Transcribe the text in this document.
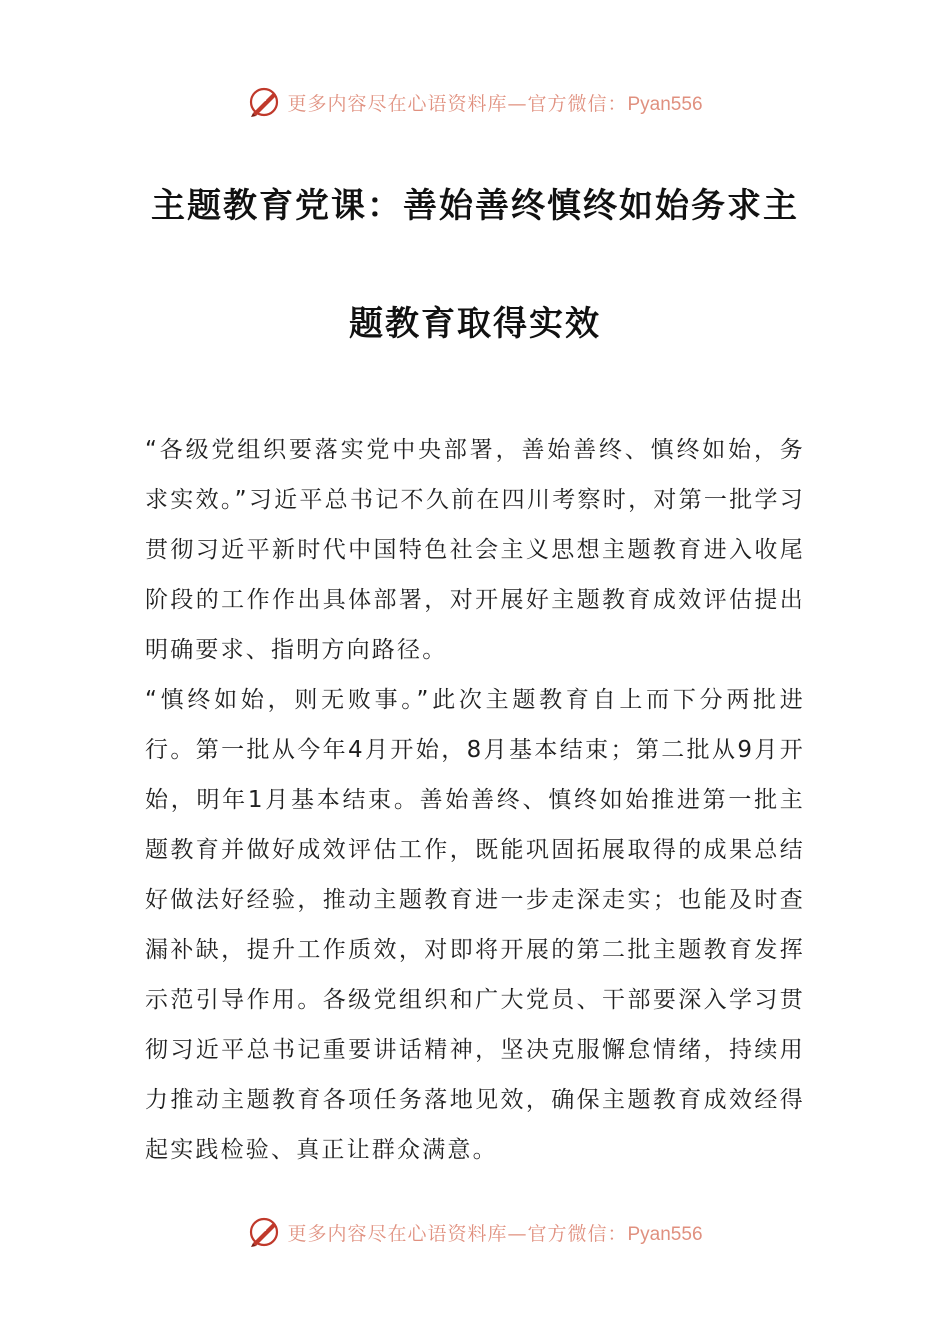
更多内容尽在心语资料库—官方微信：Pyan556
主题教育党课：善始善终慎终如始务求主
题教育取得实效

“各级党组织要落实党中央部署，善始善终、慎终如始，务求实效。”习近平总书记不久前在四川考察时，对第一批学习贯彻习近平新时代中国特色社会主义思想主题教育进入收尾阶段的工作作出具体部署，对开展好主题教育成效评估提出明确要求、指明方向路径。

“慎终如始，则无败事。”此次主题教育自上而下分两批进行。第一批从今年4月开始，8月基本结束；第二批从9月开始，明年1月基本结束。善始善终、慎终如始推进第一批主题教育并做好成效评估工作，既能巩固拓展取得的成果总结好做法好经验，推动主题教育进一步走深走实；也能及时查漏补缺，提升工作质效，对即将开展的第二批主题教育发挥示范引导作用。各级党组织和广大党员、干部要深入学习贯彻习近平总书记重要讲话精神，坚决克服懈怠情绪，持续用力推动主题教育各项任务落地见效，确保主题教育成效经得起实践检验、真正让群众满意。

更多内容尽在心语资料库—官方微信：Pyan556
